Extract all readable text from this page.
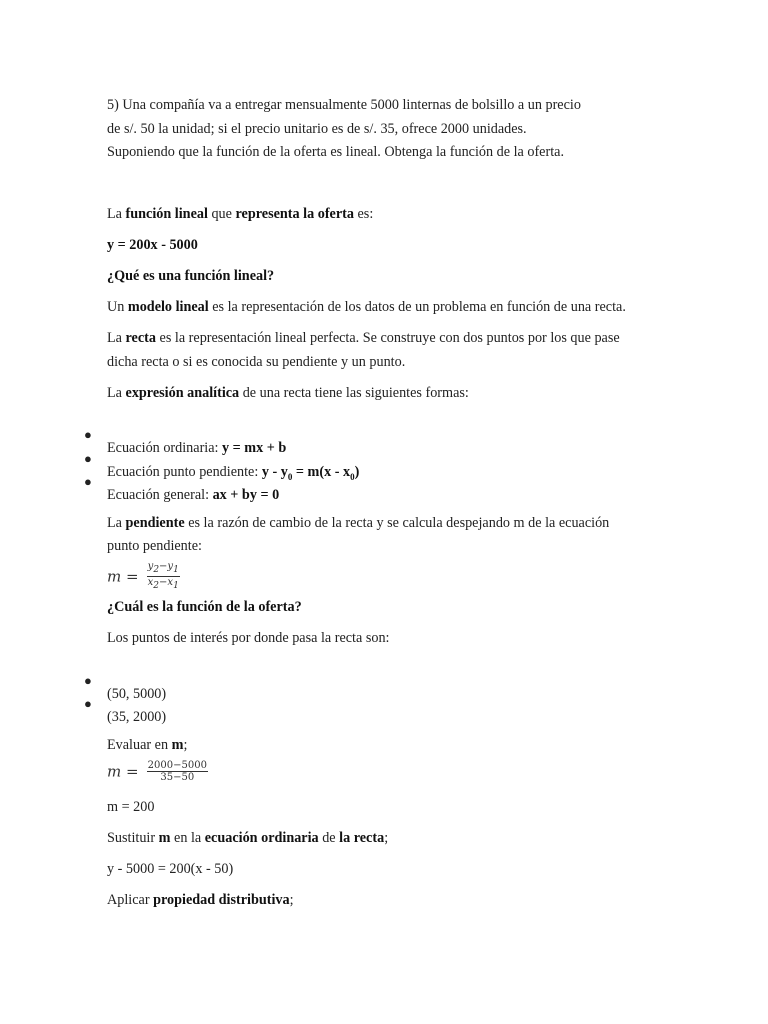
5) Una compañía va a entregar mensualmente 5000 linternas de bolsillo a un precio

de s/. 50 la unidad; si el precio unitario es de s/. 35, ofrece 2000 unidades.

Suponiendo que la función de la oferta es lineal. Obtenga la función de la oferta.

La función lineal que representa la oferta es:

y = 200x - 5000

¿Qué es una función lineal?

Un modelo lineal es la representación de los datos de un problema en función de una recta.

La recta es la representación lineal perfecta. Se construye con dos puntos por los que pase

dicha recta o si es conocida su pendiente y un punto.

La expresión analítica de una recta tiene las siguientes formas:

●

Ecuación ordinaria: y = mx + b

●

Ecuación punto pendiente: $y - y_0 = m(x - x_0)$

●

Ecuación general: ax + by = 0

La pendiente es la razón de cambio de la recta y se calcula despejando m de la ecuación

punto pendiente:

$m = \frac{y_2-y_1}{x_2-x_1}$

¿Cuál es la función de la oferta?

Los puntos de interés por donde pasa la recta son:

●

(50, 5000)

●

(35, 2000)

Evaluar en m;

$m = \frac{2000-5000}{35-50}$

m = 200

Sustituir m en la ecuación ordinaria de la recta;

y - 5000 = 200(x - 50)

Aplicar propiedad distributiva;
